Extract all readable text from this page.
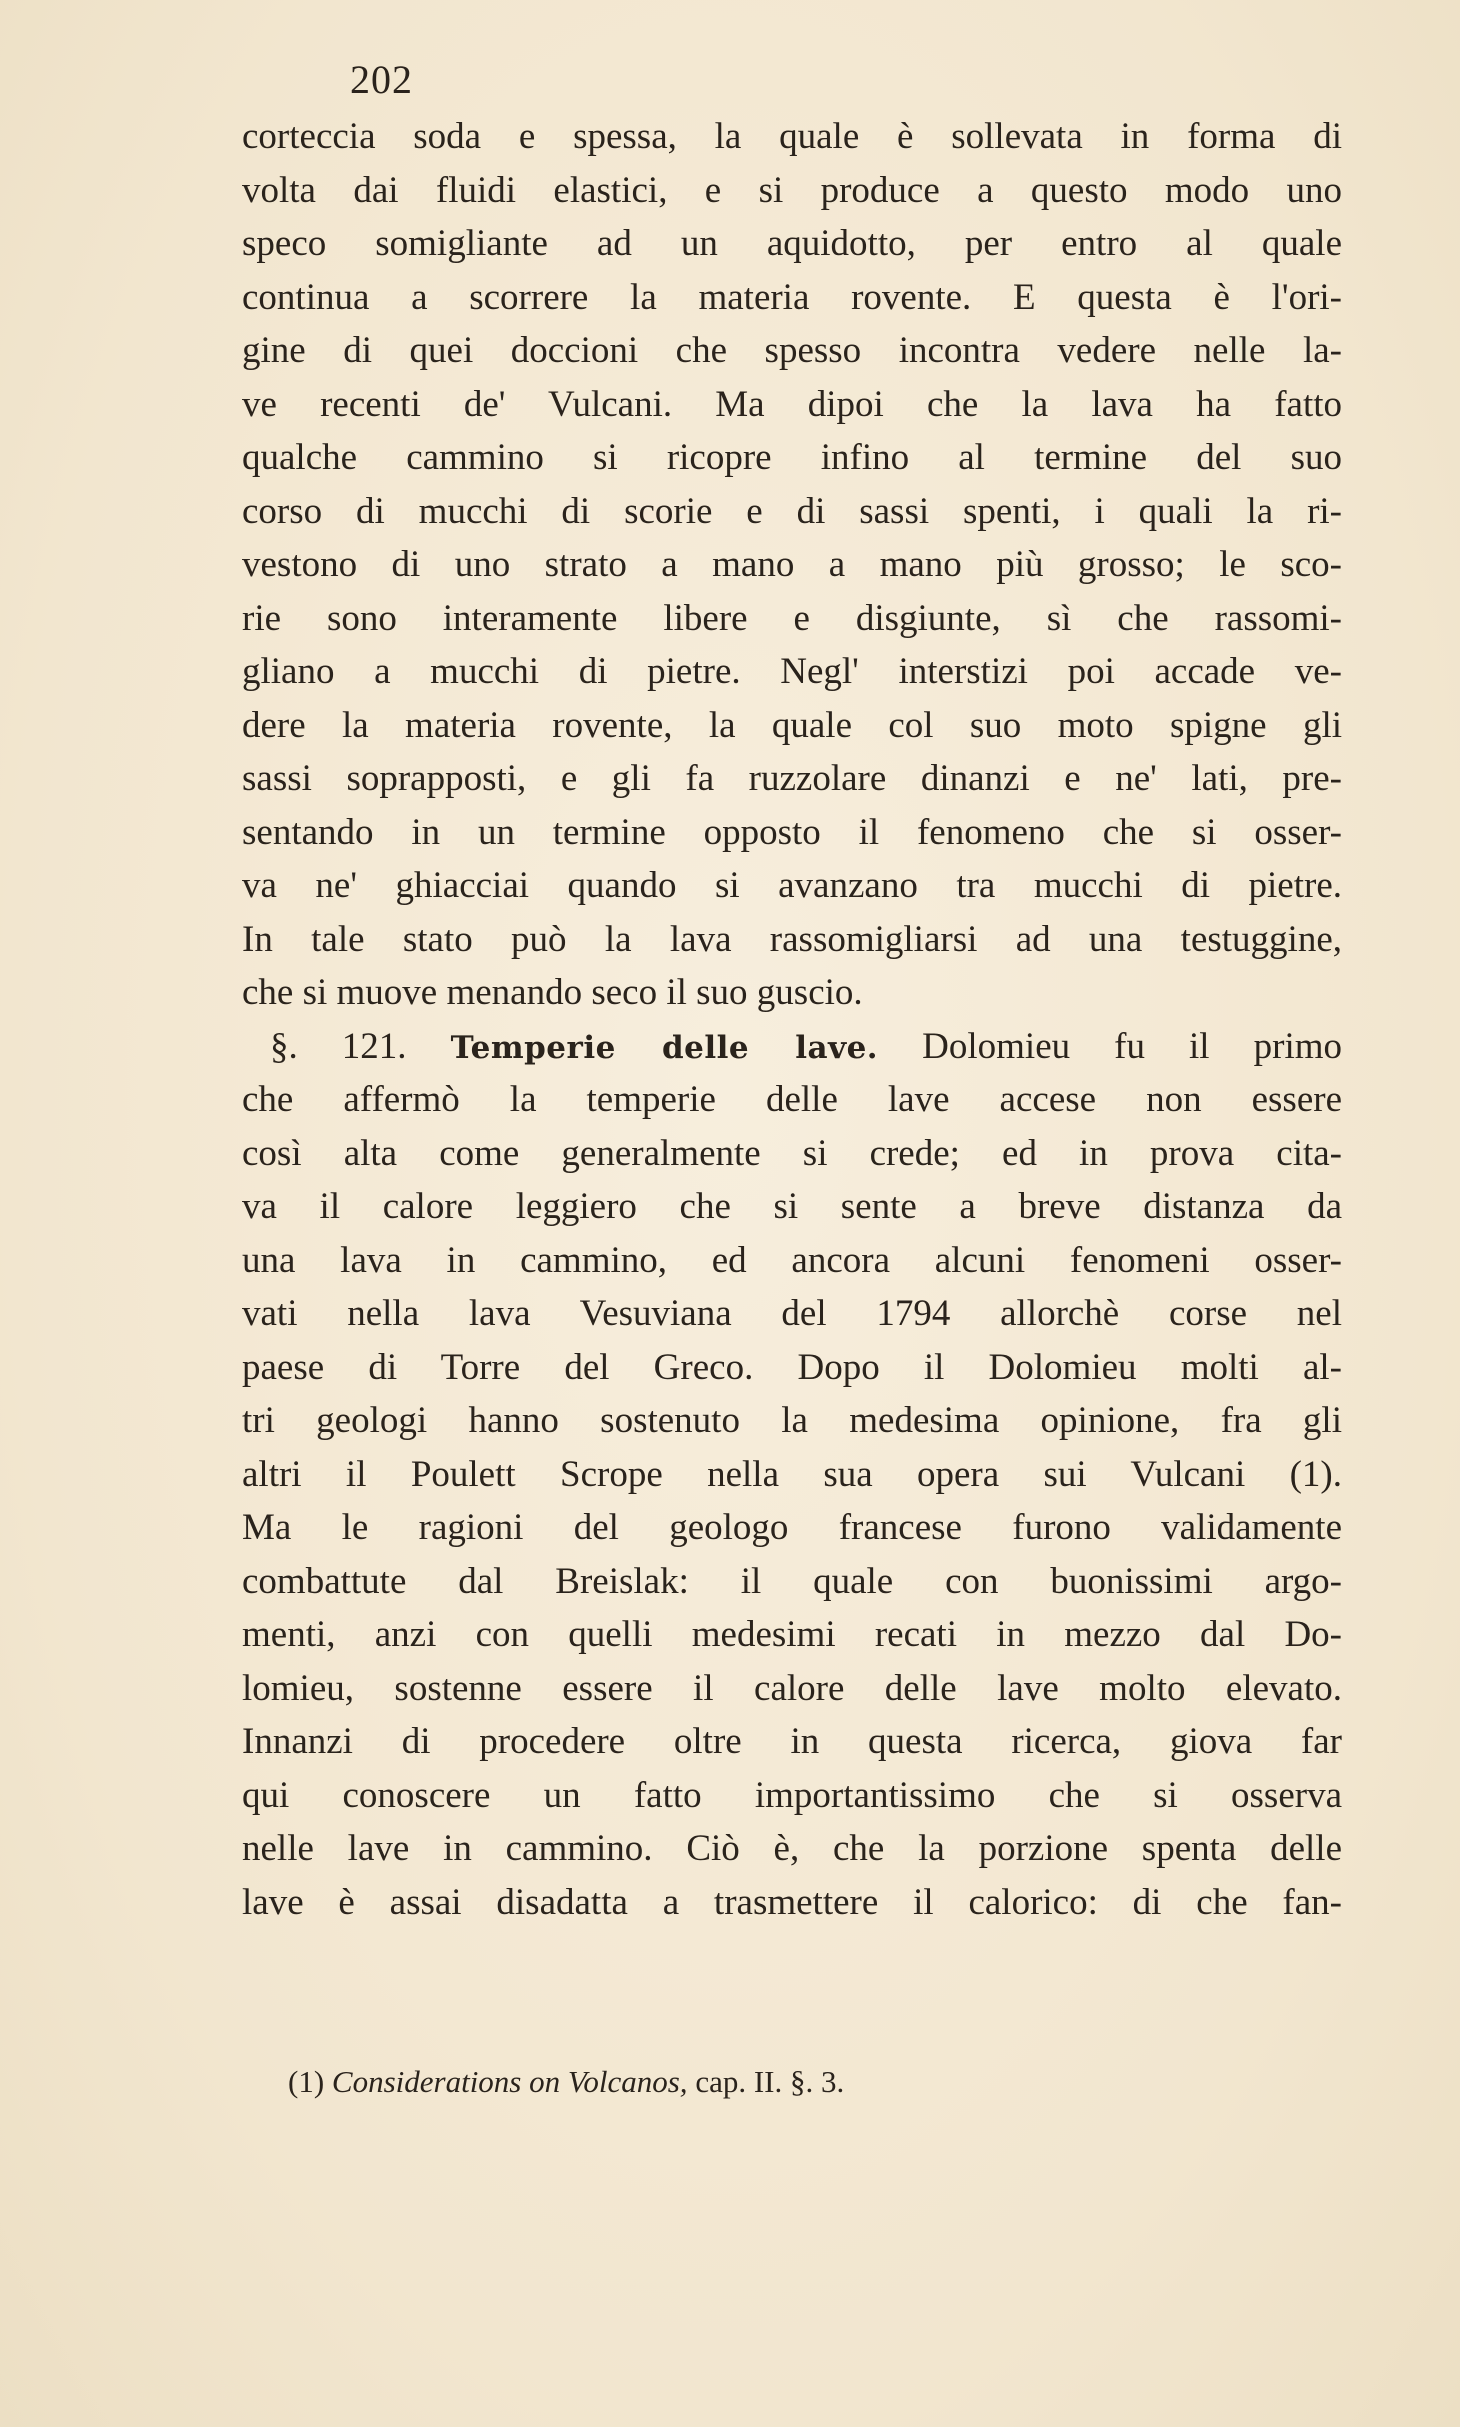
202
corteccia soda e spessa, la quale è sollevata in forma di
volta dai fluidi elastici, e si produce a questo modo uno
speco somigliante ad un aquidotto, per entro al quale
continua a scorrere la materia rovente. E questa è l'ori-
gine di quei doccioni che spesso incontra vedere nelle la-
ve recenti de' Vulcani. Ma dipoi che la lava ha fatto
qualche cammino si ricopre infino al termine del suo
corso di mucchi di scorie e di sassi spenti, i quali la ri-
vestono di uno strato a mano a mano più grosso; le sco-
rie sono interamente libere e disgiunte, sì che rassomi-
gliano a mucchi di pietre. Negl' interstizi poi accade ve-
dere la materia rovente, la quale col suo moto spigne gli
sassi soprapposti, e gli fa ruzzolare dinanzi e ne' lati, pre-
sentando in un termine opposto il fenomeno che si osser-
va ne' ghiacciai quando si avanzano tra mucchi di pietre.
In tale stato può la lava rassomigliarsi ad una testuggine,
che si muove menando seco il suo guscio.
§. 121. Temperie delle lave. Dolomieu fu il primo
che affermò la temperie delle lave accese non essere
così alta come generalmente si crede; ed in prova cita-
va il calore leggiero che si sente a breve distanza da
una lava in cammino, ed ancora alcuni fenomeni osser-
vati nella lava Vesuviana del 1794 allorchè corse nel
paese di Torre del Greco. Dopo il Dolomieu molti al-
tri geologi hanno sostenuto la medesima opinione, fra gli
altri il Poulett Scrope nella sua opera sui Vulcani (1).
Ma le ragioni del geologo francese furono validamente
combattute dal Breislak: il quale con buonissimi argo-
menti, anzi con quelli medesimi recati in mezzo dal Do-
lomieu, sostenne essere il calore delle lave molto elevato.
Innanzi di procedere oltre in questa ricerca, giova far
qui conoscere un fatto importantissimo che si osserva
nelle lave in cammino. Ciò è, che la porzione spenta delle
lave è assai disadatta a trasmettere il calorico: di che fan-
(1) Considerations on Volcanos, cap. II. §. 3.
